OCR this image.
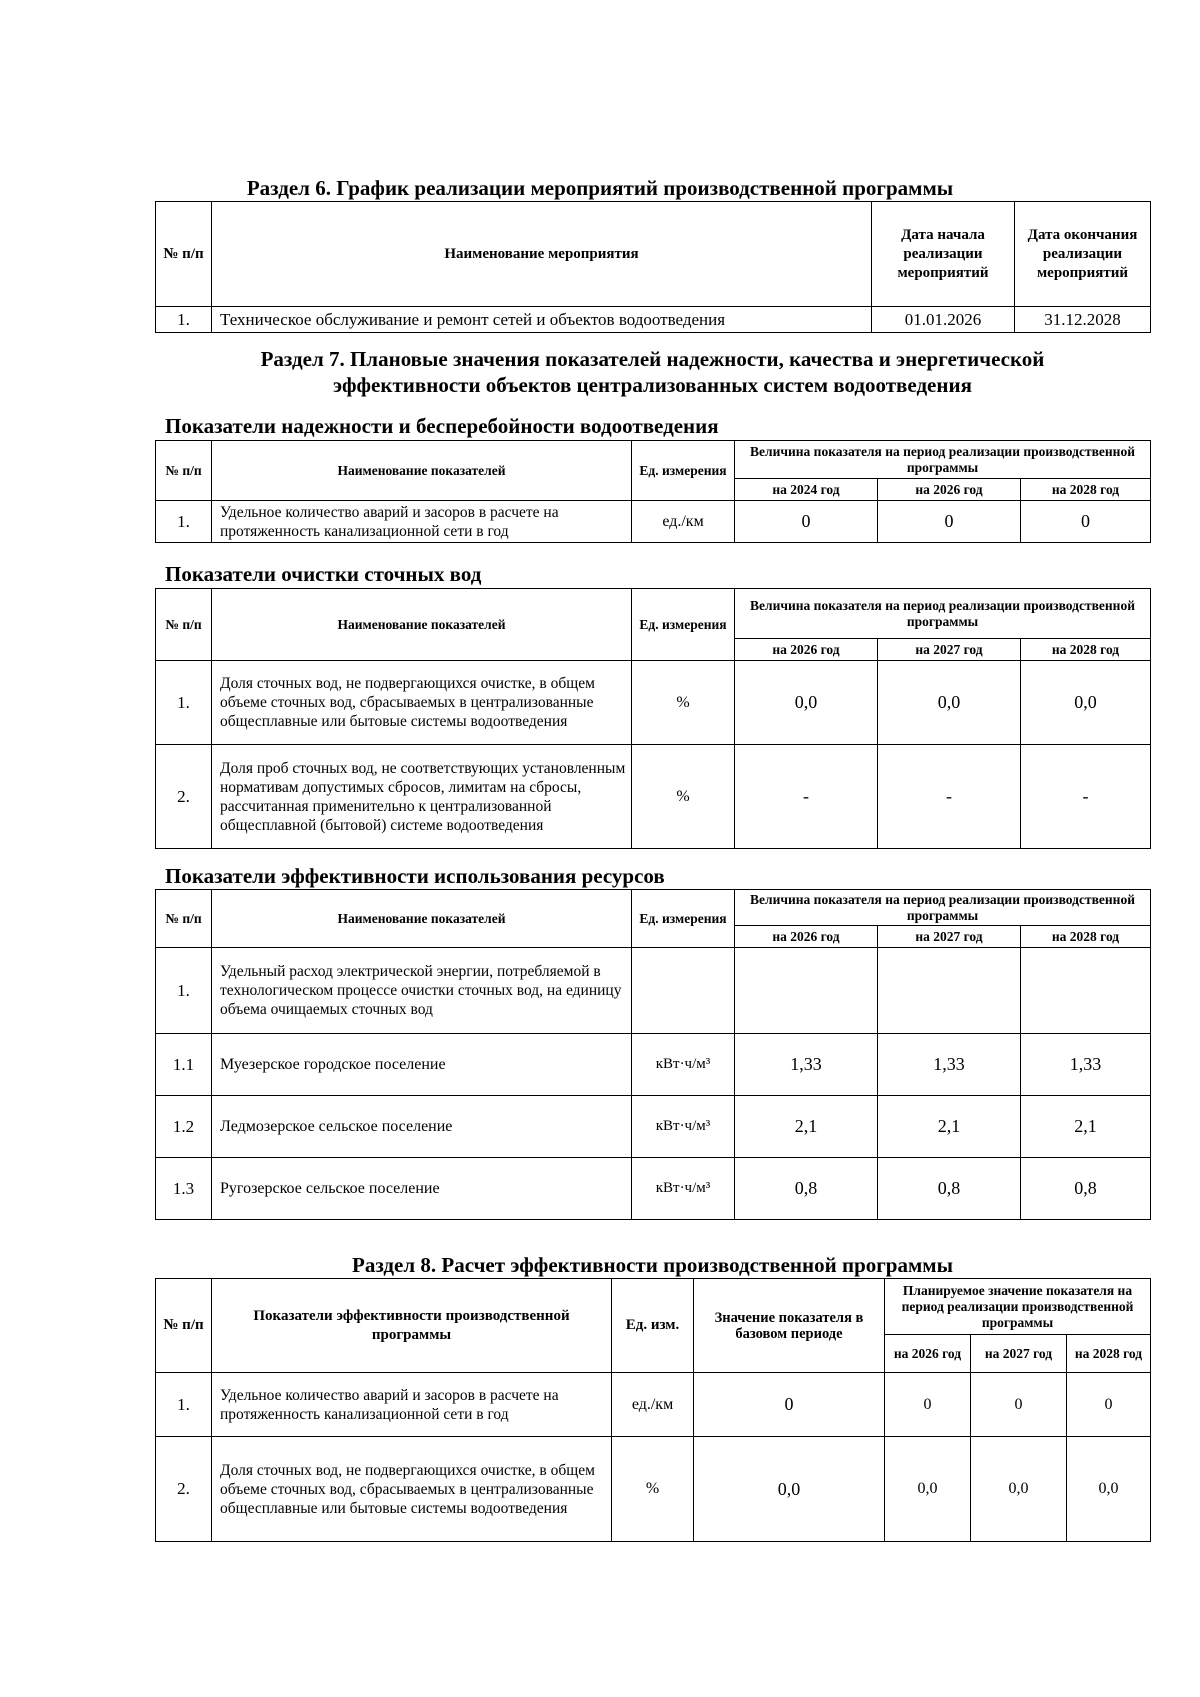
Раздел 6. График реализации мероприятий производственной программы
№ п/п	Наименование мероприятия	Дата начала реализации мероприятий	Дата окончания реализации мероприятий
1.	Техническое обслуживание и ремонт сетей и объектов водоотведения	01.01.2026	31.12.2028
Раздел 7. Плановые значения показателей надежности, качества и энергетической
эффективности объектов централизованных систем водоотведения
Показатели надежности и бесперебойности водоотведения
№ п/п	Наименование показателей	Ед. измерения	Величина показателя на период реализации производственной программы		
			на 2024 год	на 2026 год	на 2028 год
1.	Удельное количество аварий и засоров в расчете на протяженность канализационной сети в год	ед./км	0	0	0
Показатели очистки сточных вод
№ п/п	Наименование показателей	Ед. измерения	Величина показателя на период реализации производственной программы		
			на 2026 год	на 2027 год	на 2028 год
1.	Доля сточных вод, не подвергающихся очистке, в общем объеме сточных вод, сбрасываемых в централизованные общесплавные или бытовые системы водоотведения	%	0,0	0,0	0,0
2.	Доля проб сточных вод, не соответствующих установленным нормативам допустимых сбросов, лимитам на сбросы, рассчитанная применительно к централизованной общесплавной (бытовой) системе водоотведения	%	-	-	-
Показатели эффективности использования ресурсов
№ п/п	Наименование показателей	Ед. измерения	Величина показателя на период реализации производственной программы		
			на 2026 год	на 2027 год	на 2028 год
1.	Удельный расход электрической энергии, потребляемой в технологическом процессе очистки сточных вод, на единицу объема очищаемых сточных вод				
1.1	Муезерское городское поселение	кВт·ч/м³	1,33	1,33	1,33
1.2	Ледмозерское сельское поселение	кВт·ч/м³	2,1	2,1	2,1
1.3	Ругозерское сельское поселение	кВт·ч/м³	0,8	0,8	0,8
Раздел 8. Расчет эффективности производственной программы
№ п/п	Показатели эффективности производственной программы	Ед. изм.	Значение показателя в базовом периоде	Планируемое значение показателя на период реализации производственной программы		
				на 2026 год	на 2027 год	на 2028 год
1.	Удельное количество аварий и засоров в расчете на протяженность канализационной сети в год	ед./км	0	0	0	0
2.	Доля сточных вод, не подвергающихся очистке, в общем объеме сточных вод, сбрасываемых в централизованные общесплавные или бытовые системы водоотведения	%	0,0	0,0	0,0	0,0
